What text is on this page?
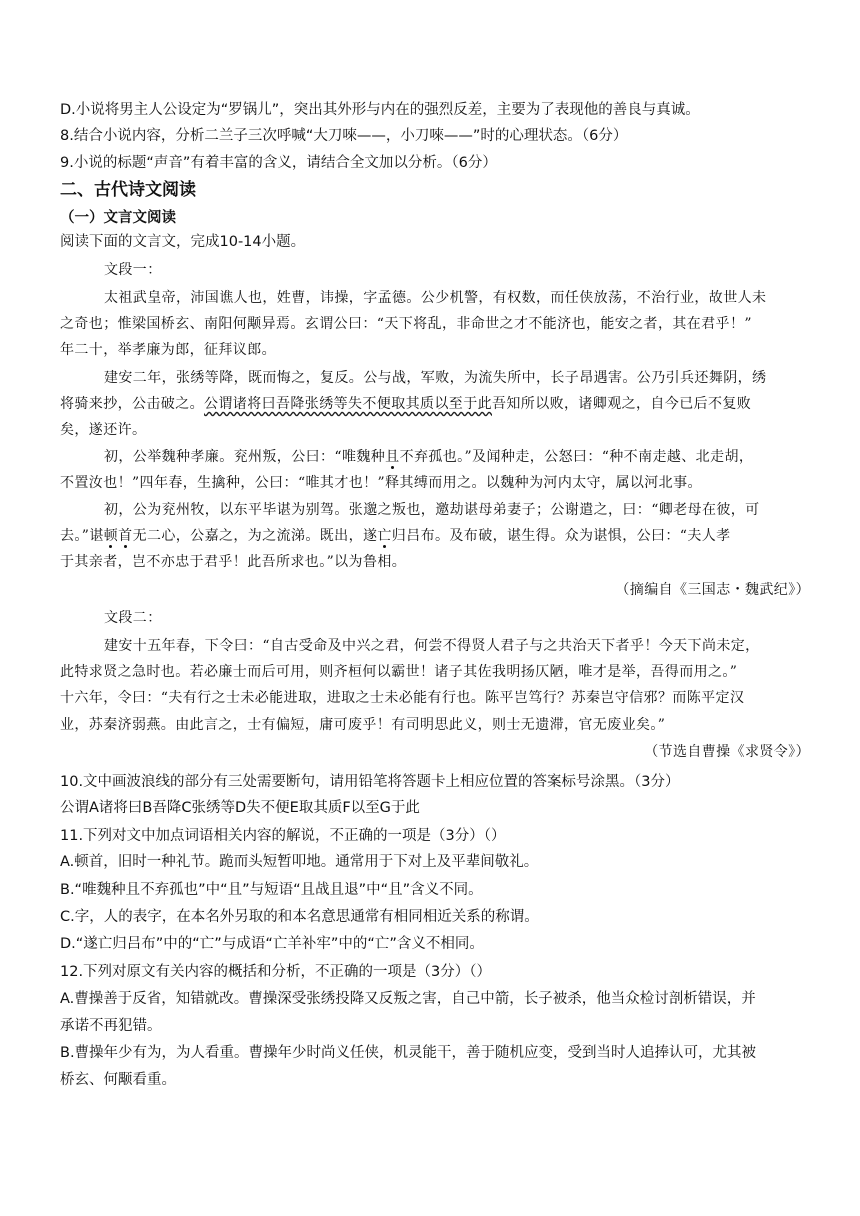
D.小说将男主人公设定为“罗锅儿”，突出其外形与内在的强烈反差，主要为了表现他的善良与真诚。
8.结合小说内容，分析二兰子三次呼喊“大刀唻——，小刀唻——”时的心理状态。（6分）
9.小说的标题“声音”有着丰富的含义，请结合全文加以分析。（6分）
二、古代诗文阅读
（一）文言文阅读
阅读下面的文言文，完成10-14小题。
文段一：
太祖武皇帝，沛国谯人也，姓曹，讳操，字孟德。公少机警，有权数，而任侠放荡，不治行业，故世人未
之奇也；惟梁国桥玄、南阳何颙异焉。玄谓公曰：“天下将乱，非命世之才不能济也，能安之者，其在君乎！”
年二十，举孝廉为郎，征拜议郎。
建安二年，张绣等降，既而悔之，复反。公与战，军败，为流失所中，长子昂遇害。公乃引兵还舞阴，绣
将骑来抄，公击破之。公谓诸将曰吾降张绣等失不便取其质以至于此吾知所以败，诸卿观之，自今已后不复败
矣，遂还许。
初，公举魏种孝廉。兖州叛，公曰：“唯魏种且不弃孤也。”及闻种走，公怒曰：“种不南走越、北走胡，
不置汝也！”四年春，生擒种，公曰：“唯其才也！”释其缚而用之。以魏种为河内太守，属以河北事。
初，公为兖州牧，以东平毕谌为别驾。张邈之叛也，邀劫谌母弟妻子；公谢遣之，曰：“卿老母在彼，可
去。”谌顿首无二心，公嘉之，为之流涕。既出，遂亡归吕布。及布破，谌生得。众为谌惧，公曰：“夫人孝
于其亲者，岂不亦忠于君乎！此吾所求也。”以为鲁相。
（摘编自《三国志・魏武纪》）
文段二：
建安十五年春，下令曰：“自古受命及中兴之君，何尝不得贤人君子与之共治天下者乎！今天下尚未定，
此特求贤之急时也。若必廉士而后可用，则齐桓何以霸世！诸子其佐我明扬仄陋，唯才是举，吾得而用之。”
十六年，令曰：“夫有行之士未必能进取，进取之士未必能有行也。陈平岂笃行？苏秦岂守信邪？而陈平定汉
业，苏秦济弱燕。由此言之，士有偏短，庸可废乎！有司明思此义，则士无遗滞，官无废业矣。”
（节选自曹操《求贤令》）
10.文中画波浪线的部分有三处需要断句，请用铅笔将答题卡上相应位置的答案标号涂黑。（3分）
公谓A诸将曰B吾降C张绣等D失不便E取其质F以至G于此
11.下列对文中加点词语相关内容的解说，不正确的一项是（3分）（）
A.顿首，旧时一种礼节。跪而头短暂叩地。通常用于下对上及平辈间敬礼。
B.“唯魏种且不弃孤也”中“且”与短语“且战且退”中“且”含义不同。
C.字，人的表字，在本名外另取的和本名意思通常有相同相近关系的称谓。
D.“遂亡归吕布”中的“亡”与成语“亡羊补牢”中的“亡”含义不相同。
12.下列对原文有关内容的概括和分析，不正确的一项是（3分）（）
A.曹操善于反省，知错就改。曹操深受张绣投降又反叛之害，自己中箭，长子被杀，他当众检讨剖析错误，并
承诺不再犯错。
B.曹操年少有为，为人看重。曹操年少时尚义任侠，机灵能干，善于随机应变，受到当时人追捧认可，尤其被
桥玄、何颙看重。
